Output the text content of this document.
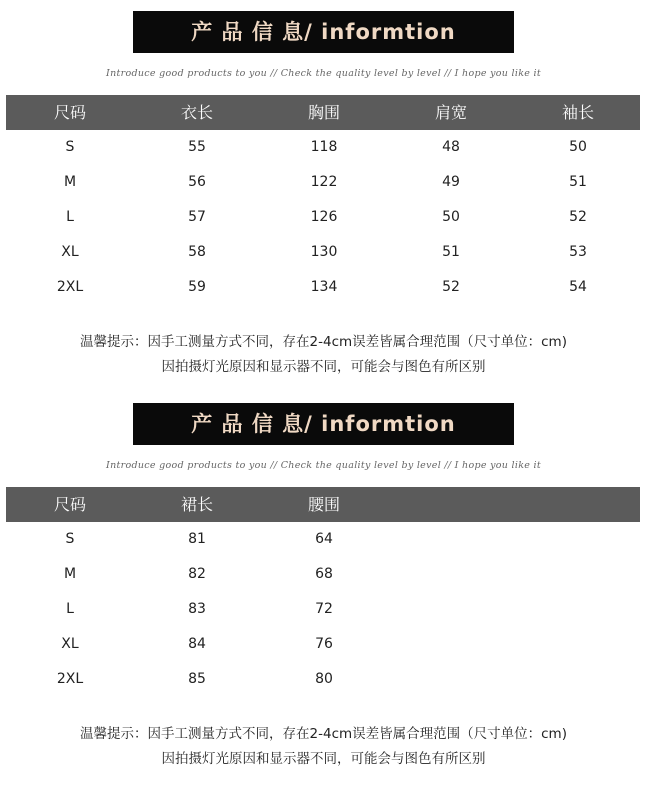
产 品 信 息/ informtion
Introduce good products to you // Check the quality level by level // I hope you like it
尺码	衣长	胸围	肩宽	袖长
S	55	118	48	50
M	56	122	49	51
L	57	126	50	52
XL	58	130	51	53
2XL	59	134	52	54
温馨提示：因手工测量方式不同，存在2-4cm误差皆属合理范围（尺寸单位：cm)
因拍摄灯光原因和显示器不同，可能会与图色有所区别
产 品 信 息/ informtion
Introduce good products to you // Check the quality level by level // I hope you like it
尺码	裙长	腰围
S	81	64
M	82	68
L	83	72
XL	84	76
2XL	85	80
温馨提示：因手工测量方式不同，存在2-4cm误差皆属合理范围（尺寸单位：cm)
因拍摄灯光原因和显示器不同，可能会与图色有所区别
